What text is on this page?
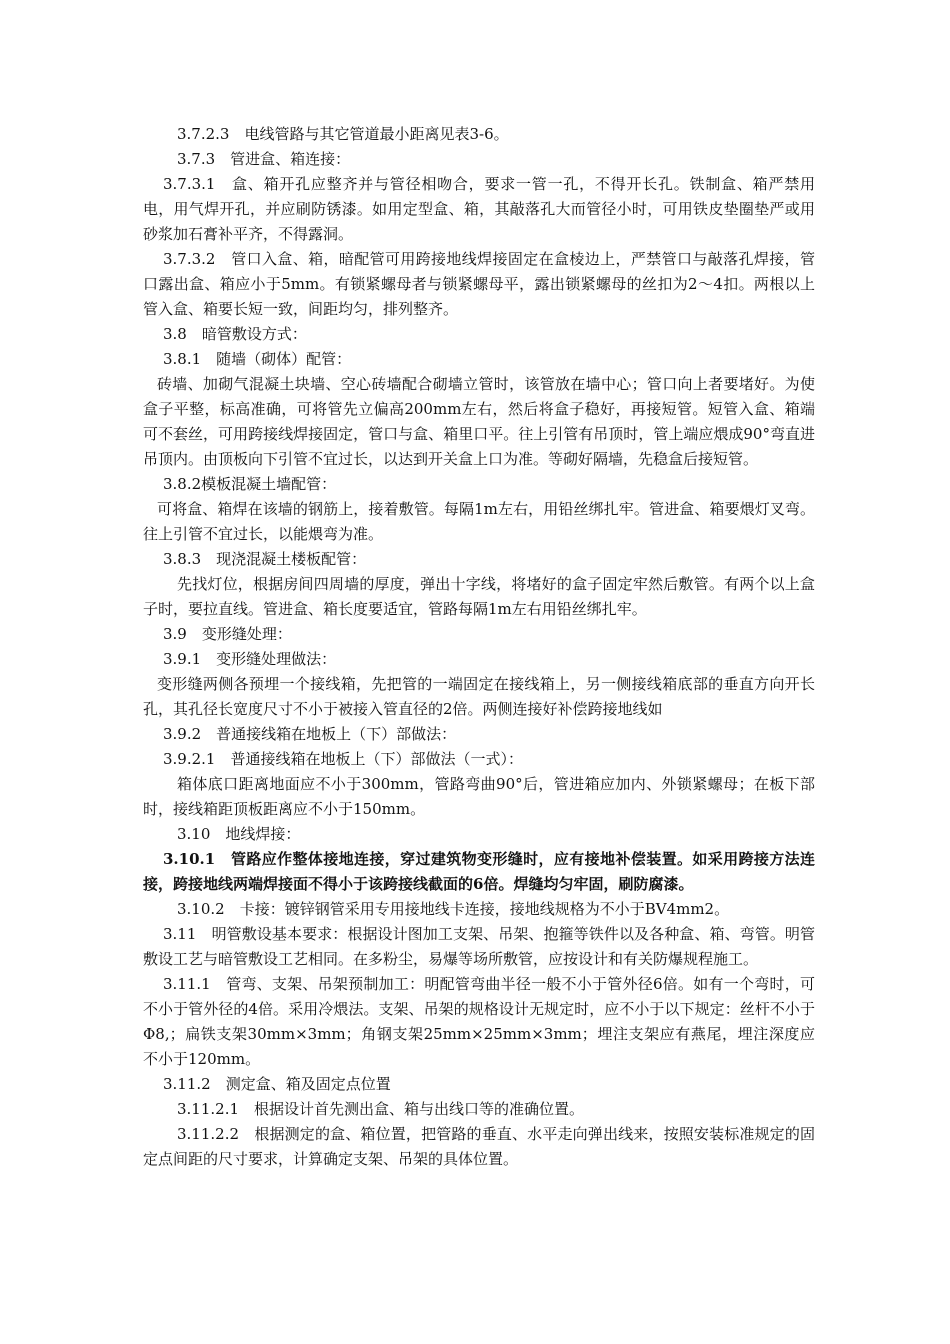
3.7.2.3　电线管路与其它管道最小距离见表3-6。

3.7.3　管进盒、箱连接：

3.7.3.1　盒、箱开孔应整齐并与管径相吻合，要求一管一孔，不得开长孔。铁制盒、箱严禁用电，用气焊开孔，并应刷防锈漆。如用定型盒、箱，其敲落孔大而管径小时，可用铁皮垫圈垫严或用砂浆加石膏补平齐，不得露洞。

3.7.3.2　管口入盒、箱，暗配管可用跨接地线焊接固定在盒棱边上，严禁管口与敲落孔焊接，管口露出盒、箱应小于5mm。有锁紧螺母者与锁紧螺母平，露出锁紧螺母的丝扣为2～4扣。两根以上管入盒、箱要长短一致，间距均匀，排列整齐。

3.8　暗管敷设方式：

3.8.1　随墙（砌体）配管：

砖墙、加砌气混凝土块墙、空心砖墙配合砌墙立管时，该管放在墙中心；管口向上者要堵好。为使盒子平整，标高准确，可将管先立偏高200mm左右，然后将盒子稳好，再接短管。短管入盒、箱端可不套丝，可用跨接线焊接固定，管口与盒、箱里口平。往上引管有吊顶时，管上端应煨成90°弯直进吊顶内。由顶板向下引管不宜过长，以达到开关盒上口为准。等砌好隔墙，先稳盒后接短管。

3.8.2模板混凝土墙配管：

可将盒、箱焊在该墙的钢筋上，接着敷管。每隔1m左右，用铅丝绑扎牢。管进盒、箱要煨灯叉弯。往上引管不宜过长，以能煨弯为准。

3.8.3　现浇混凝土楼板配管：

先找灯位，根据房间四周墙的厚度，弹出十字线，将堵好的盒子固定牢然后敷管。有两个以上盒子时，要拉直线。管进盒、箱长度要适宜，管路每隔1m左右用铅丝绑扎牢。

3.9　变形缝处理：

3.9.1　变形缝处理做法：

变形缝两侧各预埋一个接线箱，先把管的一端固定在接线箱上，另一侧接线箱底部的垂直方向开长孔，其孔径长宽度尺寸不小于被接入管直径的2倍。两侧连接好补偿跨接地线如

3.9.2　普通接线箱在地板上（下）部做法：

3.9.2.1　普通接线箱在地板上（下）部做法（一式）：

箱体底口距离地面应不小于300mm，管路弯曲90°后，管进箱应加内、外锁紧螺母；在板下部时，接线箱距顶板距离应不小于150mm。

3.10　地线焊接：

3.10.1　管路应作整体接地连接，穿过建筑物变形缝时，应有接地补偿装置。如采用跨接方法连接，跨接地线两端焊接面不得小于该跨接线截面的6倍。焊缝均匀牢固，刷防腐漆。

3.10.2　卡接：镀锌钢管采用专用接地线卡连接，接地线规格为不小于BV4mm2。

3.11　明管敷设基本要求：根据设计图加工支架、吊架、抱箍等铁件以及各种盒、箱、弯管。明管敷设工艺与暗管敷设工艺相同。在多粉尘，易爆等场所敷管，应按设计和有关防爆规程施工。

3.11.1　管弯、支架、吊架预制加工：明配管弯曲半径一般不小于管外径6倍。如有一个弯时，可不小于管外径的4倍。采用冷煨法。支架、吊架的规格设计无规定时，应不小于以下规定：丝杆不小于Φ8,；扁铁支架30mm×3mm；角钢支架25mm×25mm×3mm；埋注支架应有燕尾，埋注深度应不小于120mm。

3.11.2　测定盒、箱及固定点位置

3.11.2.1　根据设计首先测出盒、箱与出线口等的准确位置。

3.11.2.2　根据测定的盒、箱位置，把管路的垂直、水平走向弹出线来，按照安装标准规定的固定点间距的尺寸要求，计算确定支架、吊架的具体位置。
